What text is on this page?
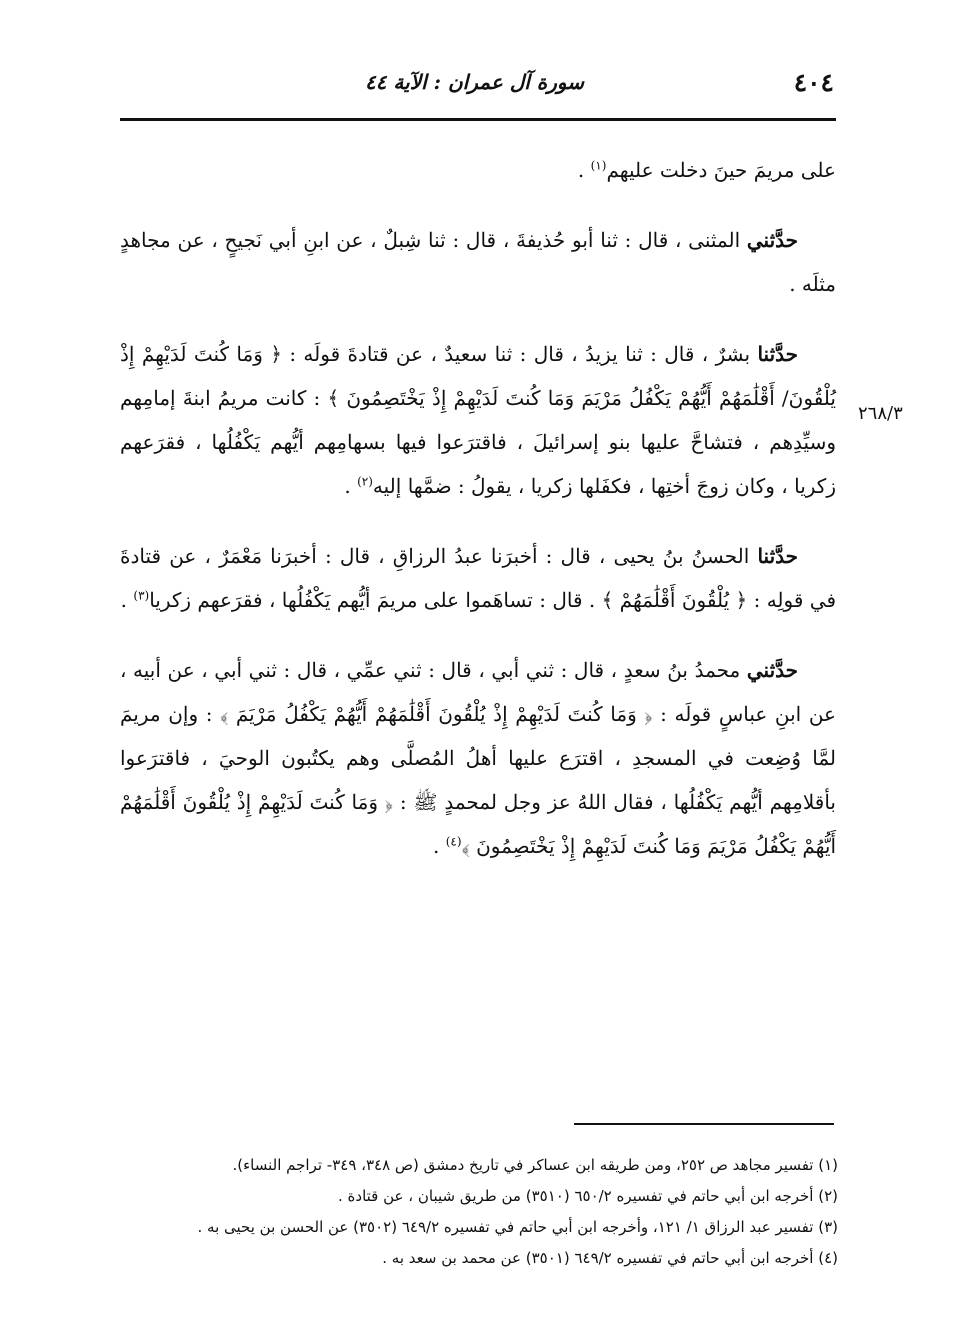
٤٠٤
سورة آل عمران : الآية ٤٤
٢٦٨/٣

على مريمَ حينَ دخلت عليهم$^{(١)}$ .

حدَّثني المثنى ، قال : ثنا أبو حُذيفةَ ، قال : ثنا شِبلٌ ، عن ابنِ أبي نَجيحٍ ، عن مجاهدٍ مثلَه .

حدَّثنا بشرٌ ، قال : ثنا يزيدُ ، قال : ثنا سعيدٌ ، عن قتادةَ قولَه : ﴿ وَمَا كُنتَ لَدَيْهِمْ إِذْ يُلْقُونَ/ أَقْلَٰمَهُمْ أَيُّهُمْ يَكْفُلُ مَرْيَمَ وَمَا كُنتَ لَدَيْهِمْ إِذْ يَخْتَصِمُونَ ﴾ : كانت مريمُ ابنةَ إمامِهم وسيِّدِهم ، فتشاحَّ عليها بنو إسرائيلَ ، فاقترَعوا فيها بسهامِهم أيُّهم يَكْفُلُها ، فقرَعهم زكريا ، وكان زوجَ أختِها ، فكفَلها زكريا ، يقولُ : ضمَّها إليه$^{(٢)}$ .

حدَّثنا الحسنُ بنُ يحيى ، قال : أخبرَنا عبدُ الرزاقِ ، قال : أخبرَنا مَعْمَرٌ ، عن قتادةَ في قولِه : ﴿ يُلْقُونَ أَقْلَٰمَهُمْ ﴾ . قال : تساهَموا على مريمَ أيُّهم يَكْفُلُها ، فقرَعهم زكريا$^{(٣)}$ .

حدَّثني محمدُ بنُ سعدٍ ، قال : ثني أبي ، قال : ثني عمِّي ، قال : ثني أبي ، عن أبيه ، عن ابنِ عباسٍ قولَه : ﴿ وَمَا كُنتَ لَدَيْهِمْ إِذْ يُلْقُونَ أَقْلَٰمَهُمْ أَيُّهُمْ يَكْفُلُ مَرْيَمَ ﴾ : وإن مريمَ لمَّا وُضِعت في المسجدِ ، اقترَع عليها أهلُ المُصلَّى وهم يكتُبون الوحيَ ، فاقترَعوا بأقلامِهم أيُّهم يَكْفُلُها ، فقال اللهُ عز وجل لمحمدٍ ﷺ : ﴿ وَمَا كُنتَ لَدَيْهِمْ إِذْ يُلْقُونَ أَقْلَٰمَهُمْ أَيُّهُمْ يَكْفُلُ مَرْيَمَ وَمَا كُنتَ لَدَيْهِمْ إِذْ يَخْتَصِمُونَ ﴾$^{(٤)}$ .

(١) تفسير مجاهد ص ٢٥٢، ومن طريقه ابن عساكر في تاريخ دمشق (ص ٣٤٨، ٣٤٩- تراجم النساء).

(٢) أخرجه ابن أبي حاتم في تفسيره ٦٥٠/٢ (٣٥١٠) من طريق شيبان ، عن قتادة .

(٣) تفسير عبد الرزاق ١/ ١٢١، وأخرجه ابن أبي حاتم في تفسيره ٦٤٩/٢ (٣٥٠٢) عن الحسن بن يحيى به .

(٤) أخرجه ابن أبي حاتم في تفسيره ٦٤٩/٢ (٣٥٠١) عن محمد بن سعد به .
